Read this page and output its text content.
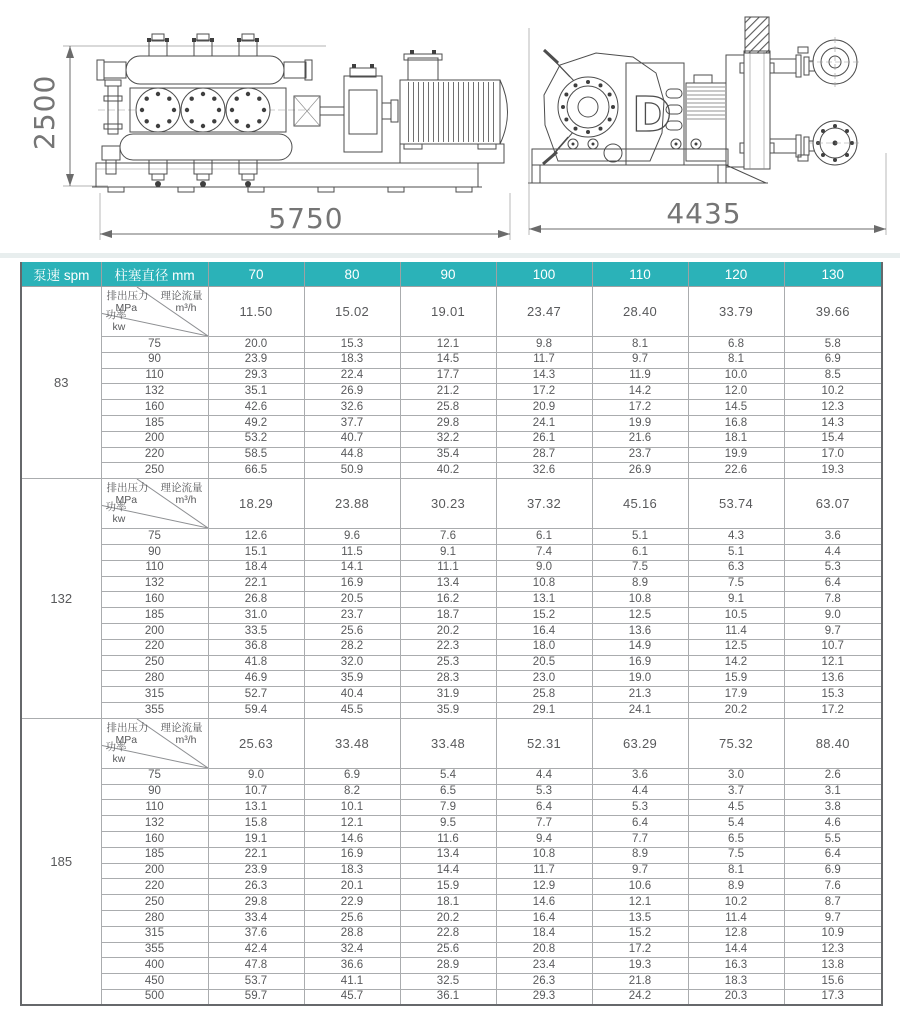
2500
5750
D
4435
泵速 spm	柱塞直径 mm	70	80	90	100	110	120	130
83	
排出压力
MPa
理论流量
m³/h
功率
kw
	11.50	15.02	19.01	23.47	28.40	33.79	39.66
	75	20.0	15.3	12.1	9.8	8.1	6.8	5.8
	90	23.9	18.3	14.5	11.7	9.7	8.1	6.9
	110	29.3	22.4	17.7	14.3	11.9	10.0	8.5
	132	35.1	26.9	21.2	17.2	14.2	12.0	10.2
	160	42.6	32.6	25.8	20.9	17.2	14.5	12.3
	185	49.2	37.7	29.8	24.1	19.9	16.8	14.3
	200	53.2	40.7	32.2	26.1	21.6	18.1	15.4
	220	58.5	44.8	35.4	28.7	23.7	19.9	17.0
	250	66.5	50.9	40.2	32.6	26.9	22.6	19.3
132	
排出压力
MPa
理论流量
m³/h
功率
kw
	18.29	23.88	30.23	37.32	45.16	53.74	63.07
	75	12.6	9.6	7.6	6.1	5.1	4.3	3.6
	90	15.1	11.5	9.1	7.4	6.1	5.1	4.4
	110	18.4	14.1	11.1	9.0	7.5	6.3	5.3
	132	22.1	16.9	13.4	10.8	8.9	7.5	6.4
	160	26.8	20.5	16.2	13.1	10.8	9.1	7.8
	185	31.0	23.7	18.7	15.2	12.5	10.5	9.0
	200	33.5	25.6	20.2	16.4	13.6	11.4	9.7
	220	36.8	28.2	22.3	18.0	14.9	12.5	10.7
	250	41.8	32.0	25.3	20.5	16.9	14.2	12.1
	280	46.9	35.9	28.3	23.0	19.0	15.9	13.6
	315	52.7	40.4	31.9	25.8	21.3	17.9	15.3
	355	59.4	45.5	35.9	29.1	24.1	20.2	17.2
185	
排出压力
MPa
理论流量
m³/h
功率
kw
	25.63	33.48	33.48	52.31	63.29	75.32	88.40
	75	9.0	6.9	5.4	4.4	3.6	3.0	2.6
	90	10.7	8.2	6.5	5.3	4.4	3.7	3.1
	110	13.1	10.1	7.9	6.4	5.3	4.5	3.8
	132	15.8	12.1	9.5	7.7	6.4	5.4	4.6
	160	19.1	14.6	11.6	9.4	7.7	6.5	5.5
	185	22.1	16.9	13.4	10.8	8.9	7.5	6.4
	200	23.9	18.3	14.4	11.7	9.7	8.1	6.9
	220	26.3	20.1	15.9	12.9	10.6	8.9	7.6
	250	29.8	22.9	18.1	14.6	12.1	10.2	8.7
	280	33.4	25.6	20.2	16.4	13.5	11.4	9.7
	315	37.6	28.8	22.8	18.4	15.2	12.8	10.9
	355	42.4	32.4	25.6	20.8	17.2	14.4	12.3
	400	47.8	36.6	28.9	23.4	19.3	16.3	13.8
	450	53.7	41.1	32.5	26.3	21.8	18.3	15.6
	500	59.7	45.7	36.1	29.3	24.2	20.3	17.3
